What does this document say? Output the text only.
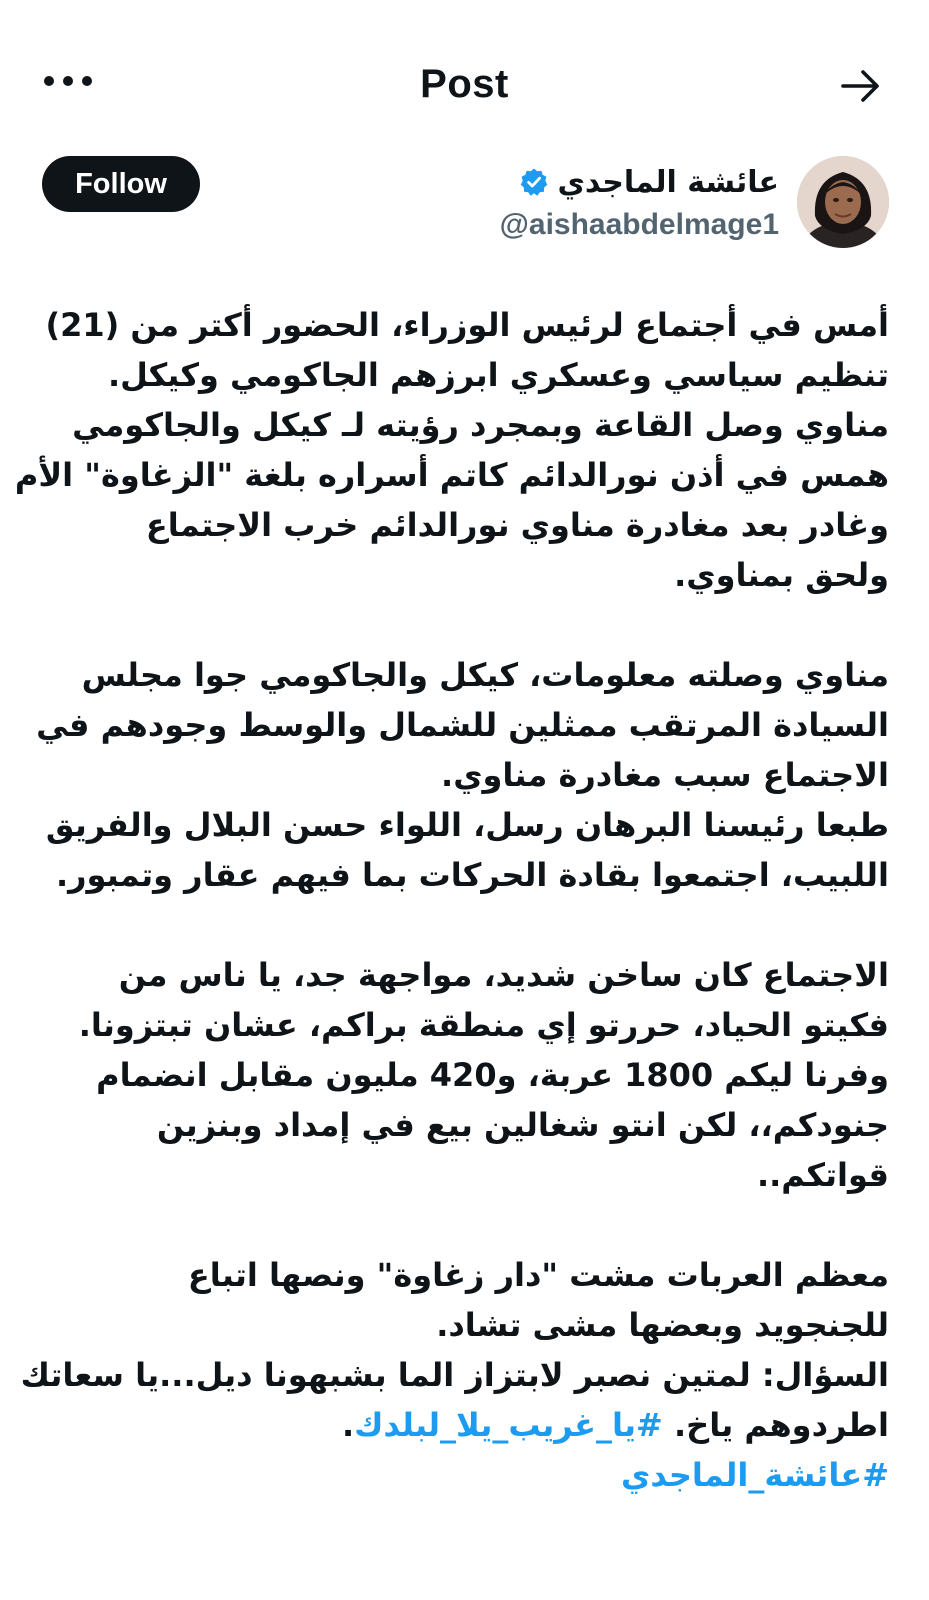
Post
Follow	عائشة الماجدي
@aishaabdelmage1
أمس في أجتماع لرئيس الوزراء، الحضور أكتر من (21)
تنظيم سياسي وعسكري ابرزهم الجاكومي وكيكل.
مناوي وصل القاعة وبمجرد رؤيته لـ كيكل والجاكومي
همس في أذن نورالدائم كاتم أسراره بلغة "الزغاوة" الأم
وغادر بعد مغادرة مناوي نورالدائم خرب الاجتماع
ولحق بمناوي.
مناوي وصلته معلومات، كيكل والجاكومي جوا مجلس
السيادة المرتقب ممثلين للشمال والوسط وجودهم في
الاجتماع سبب مغادرة مناوي.
طبعا رئيسنا البرهان رسل، اللواء حسن البلال والفريق
اللبيب، اجتمعوا بقادة الحركات بما فيهم عقار وتمبور.
الاجتماع كان ساخن شديد، مواجهة جد، يا ناس من
فكيتو الحياد، حررتو إي منطقة براكم، عشان تبتزونا.
وفرنا ليكم 1800 عربة، و420 مليون مقابل انضمام
جنودكم،، لكن انتو شغالين بيع في إمداد وبنزين
قواتكم..
معظم العربات مشت "دار زغاوة" ونصها اتباع
للجنجويد وبعضها مشى تشاد.
السؤال: لمتين نصبر لابتزاز الما بشبهونا ديل...يا سعاتك
اطردوهم ياخ. #يا_غريب_يلا_لبلدك.
#عائشة_الماجدي
